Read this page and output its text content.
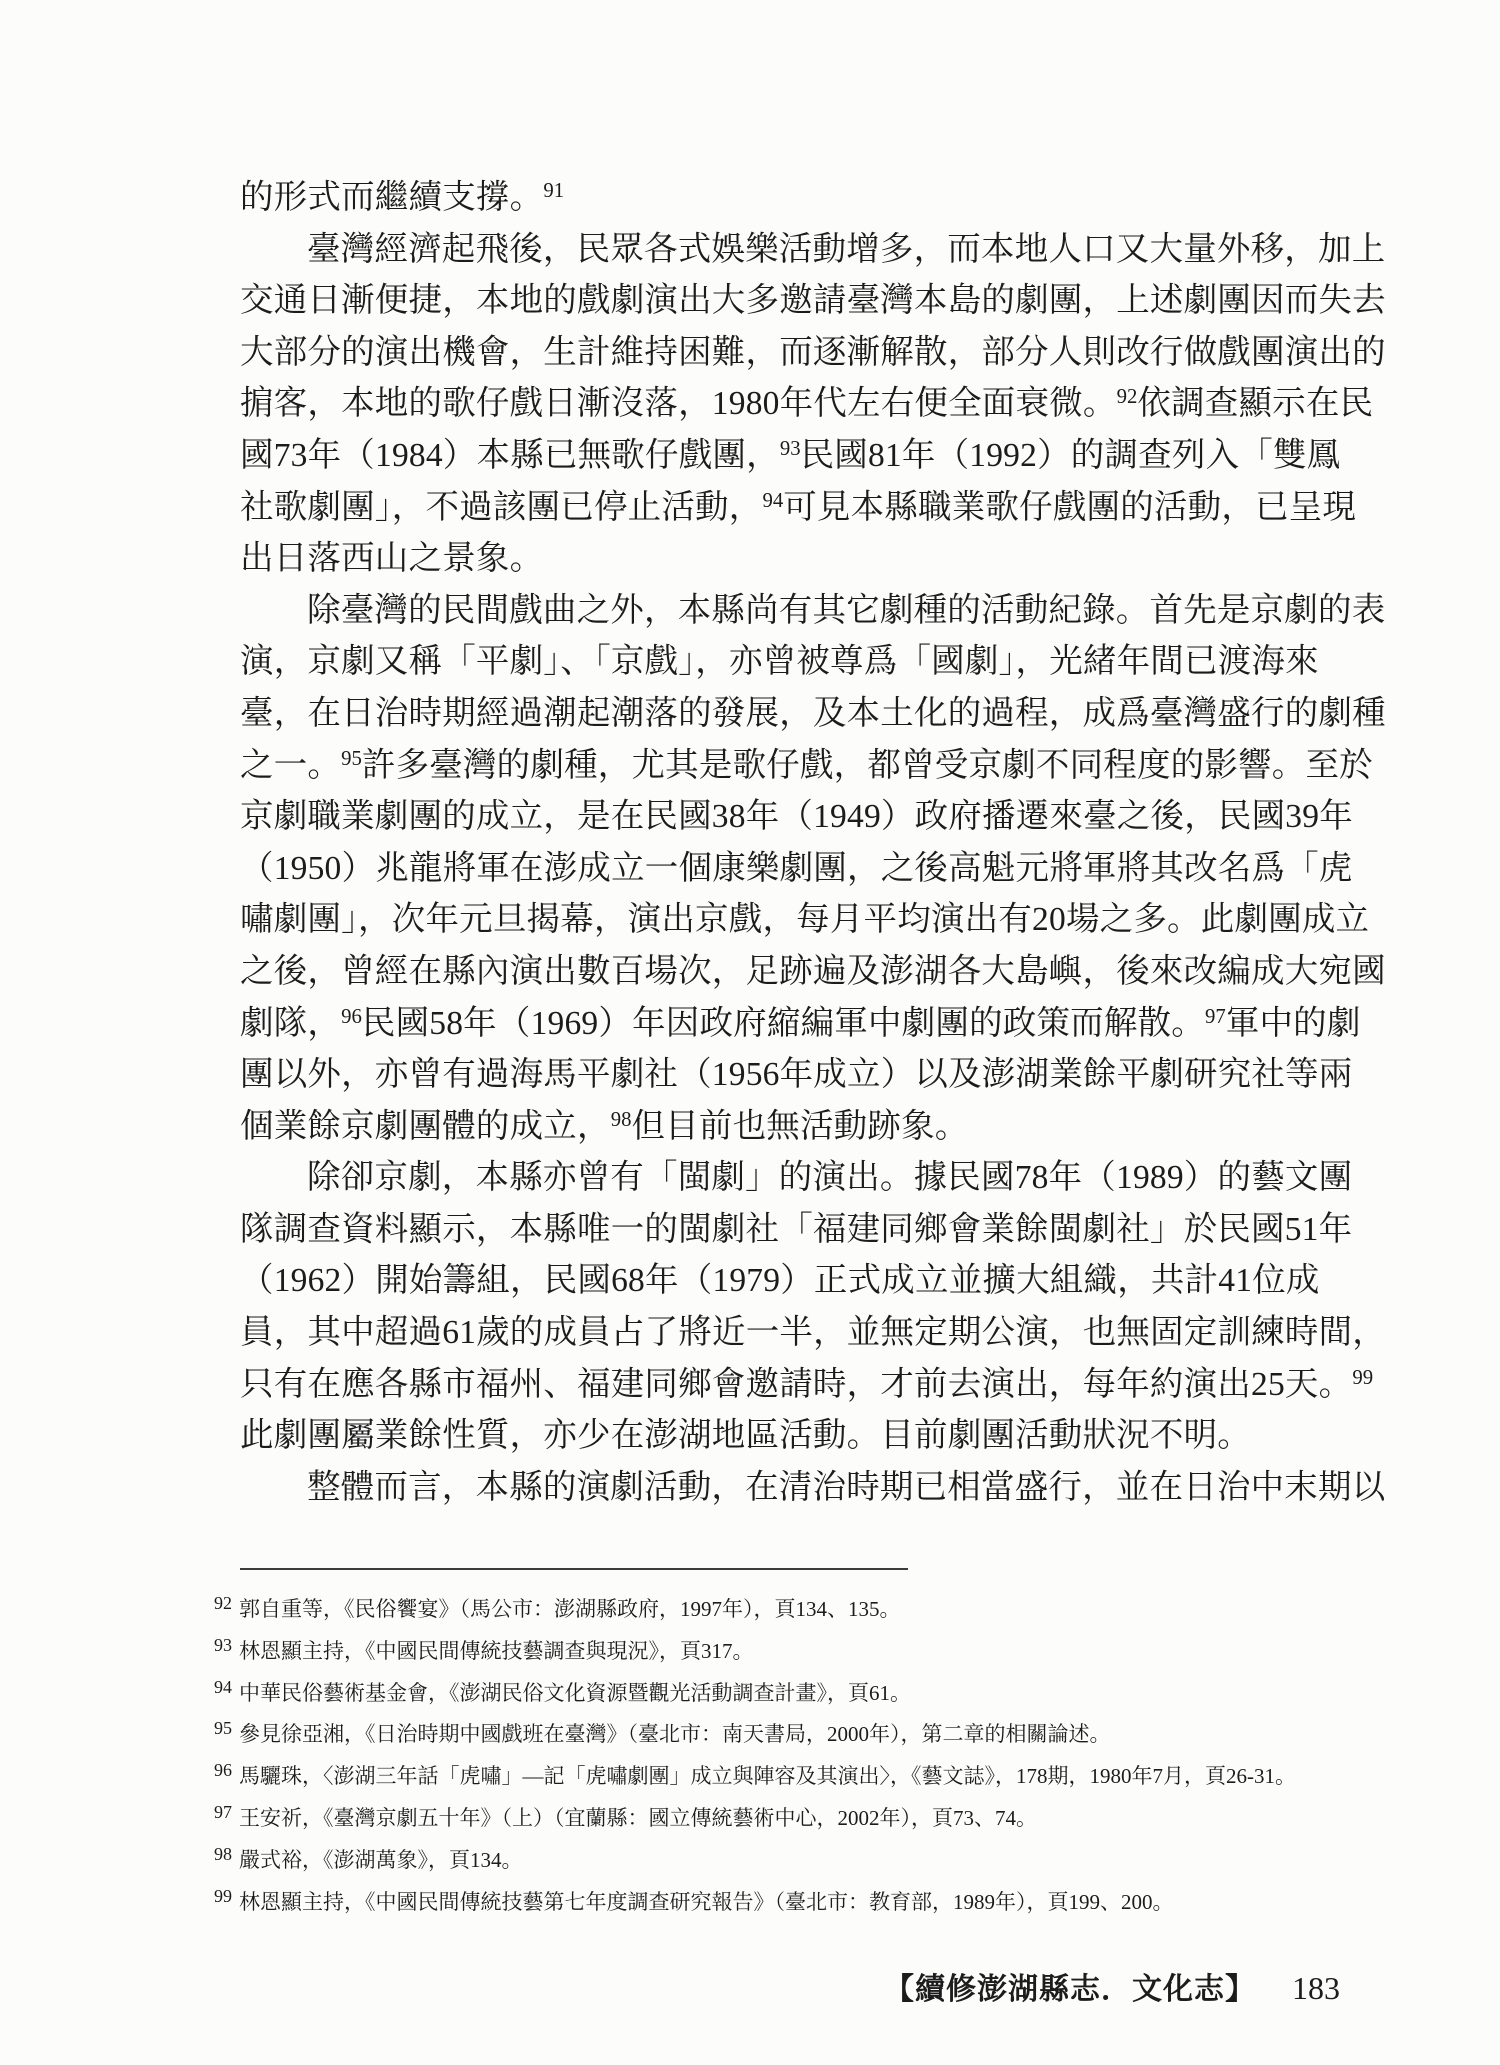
的形式而繼續支撐。$^{91}$
臺灣經濟起飛後，民眾各式娛樂活動增多，而本地人口又大量外移，加上
交通日漸便捷，本地的戲劇演出大多邀請臺灣本島的劇團，上述劇團因而失去
大部分的演出機會，生計維持困難，而逐漸解散，部分人則改行做戲團演出的
掮客，本地的歌仔戲日漸沒落，1980年代左右便全面衰微。$^{92}$依調查顯示在民
國73年（1984）本縣已無歌仔戲團，$^{93}$民國81年（1992）的調查列入「雙鳳
社歌劇團」，不過該團已停止活動，$^{94}$可見本縣職業歌仔戲團的活動，已呈現
出日落西山之景象。
除臺灣的民間戲曲之外，本縣尚有其它劇種的活動紀錄。首先是京劇的表
演，京劇又稱「平劇」、「京戲」，亦曾被尊爲「國劇」，光緒年間已渡海來
臺，在日治時期經過潮起潮落的發展，及本土化的過程，成爲臺灣盛行的劇種
之一。$^{95}$許多臺灣的劇種，尤其是歌仔戲，都曾受京劇不同程度的影響。至於
京劇職業劇團的成立，是在民國38年（1949）政府播遷來臺之後，民國39年
（1950）兆龍將軍在澎成立一個康樂劇團，之後高魁元將軍將其改名爲「虎
嘯劇團」，次年元旦揭幕，演出京戲，每月平均演出有20場之多。此劇團成立
之後，曾經在縣內演出數百場次，足跡遍及澎湖各大島嶼，後來改編成大宛國
劇隊，$^{96}$民國58年（1969）年因政府縮編軍中劇團的政策而解散。$^{97}$軍中的劇
團以外，亦曾有過海馬平劇社（1956年成立）以及澎湖業餘平劇研究社等兩
個業餘京劇團體的成立，$^{98}$但目前也無活動跡象。
除卻京劇，本縣亦曾有「閩劇」的演出。據民國78年（1989）的藝文團
隊調查資料顯示，本縣唯一的閩劇社「福建同鄉會業餘閩劇社」於民國51年
（1962）開始籌組，民國68年（1979）正式成立並擴大組織，共計41位成
員，其中超過61歲的成員占了將近一半，並無定期公演，也無固定訓練時間，
只有在應各縣市福州、福建同鄉會邀請時，才前去演出，每年約演出25天。$^{99}$
此劇團屬業餘性質，亦少在澎湖地區活動。目前劇團活動狀況不明。
整體而言，本縣的演劇活動，在清治時期已相當盛行，並在日治中末期以
92 郭自重等，《民俗饗宴》（馬公市：澎湖縣政府，1997年），頁134、135。
93 林恩顯主持，《中國民間傳統技藝調查與現況》，頁317。
94 中華民俗藝術基金會，《澎湖民俗文化資源暨觀光活動調查計畫》，頁61。
95 參見徐亞湘，《日治時期中國戲班在臺灣》（臺北市：南天書局，2000年），第二章的相關論述。
96 馬驪珠，〈澎湖三年話「虎嘯」—記「虎嘯劇團」成立與陣容及其演出〉，《藝文誌》，178期，1980年7月，頁26-31。
97 王安祈，《臺灣京劇五十年》（上）（宜蘭縣：國立傳統藝術中心，2002年），頁73、74。
98 嚴式裕，《澎湖萬象》，頁134。
99 林恩顯主持，《中國民間傳統技藝第七年度調查研究報告》（臺北市：教育部，1989年），頁199、200。
【續修澎湖縣志．文化志】 183
